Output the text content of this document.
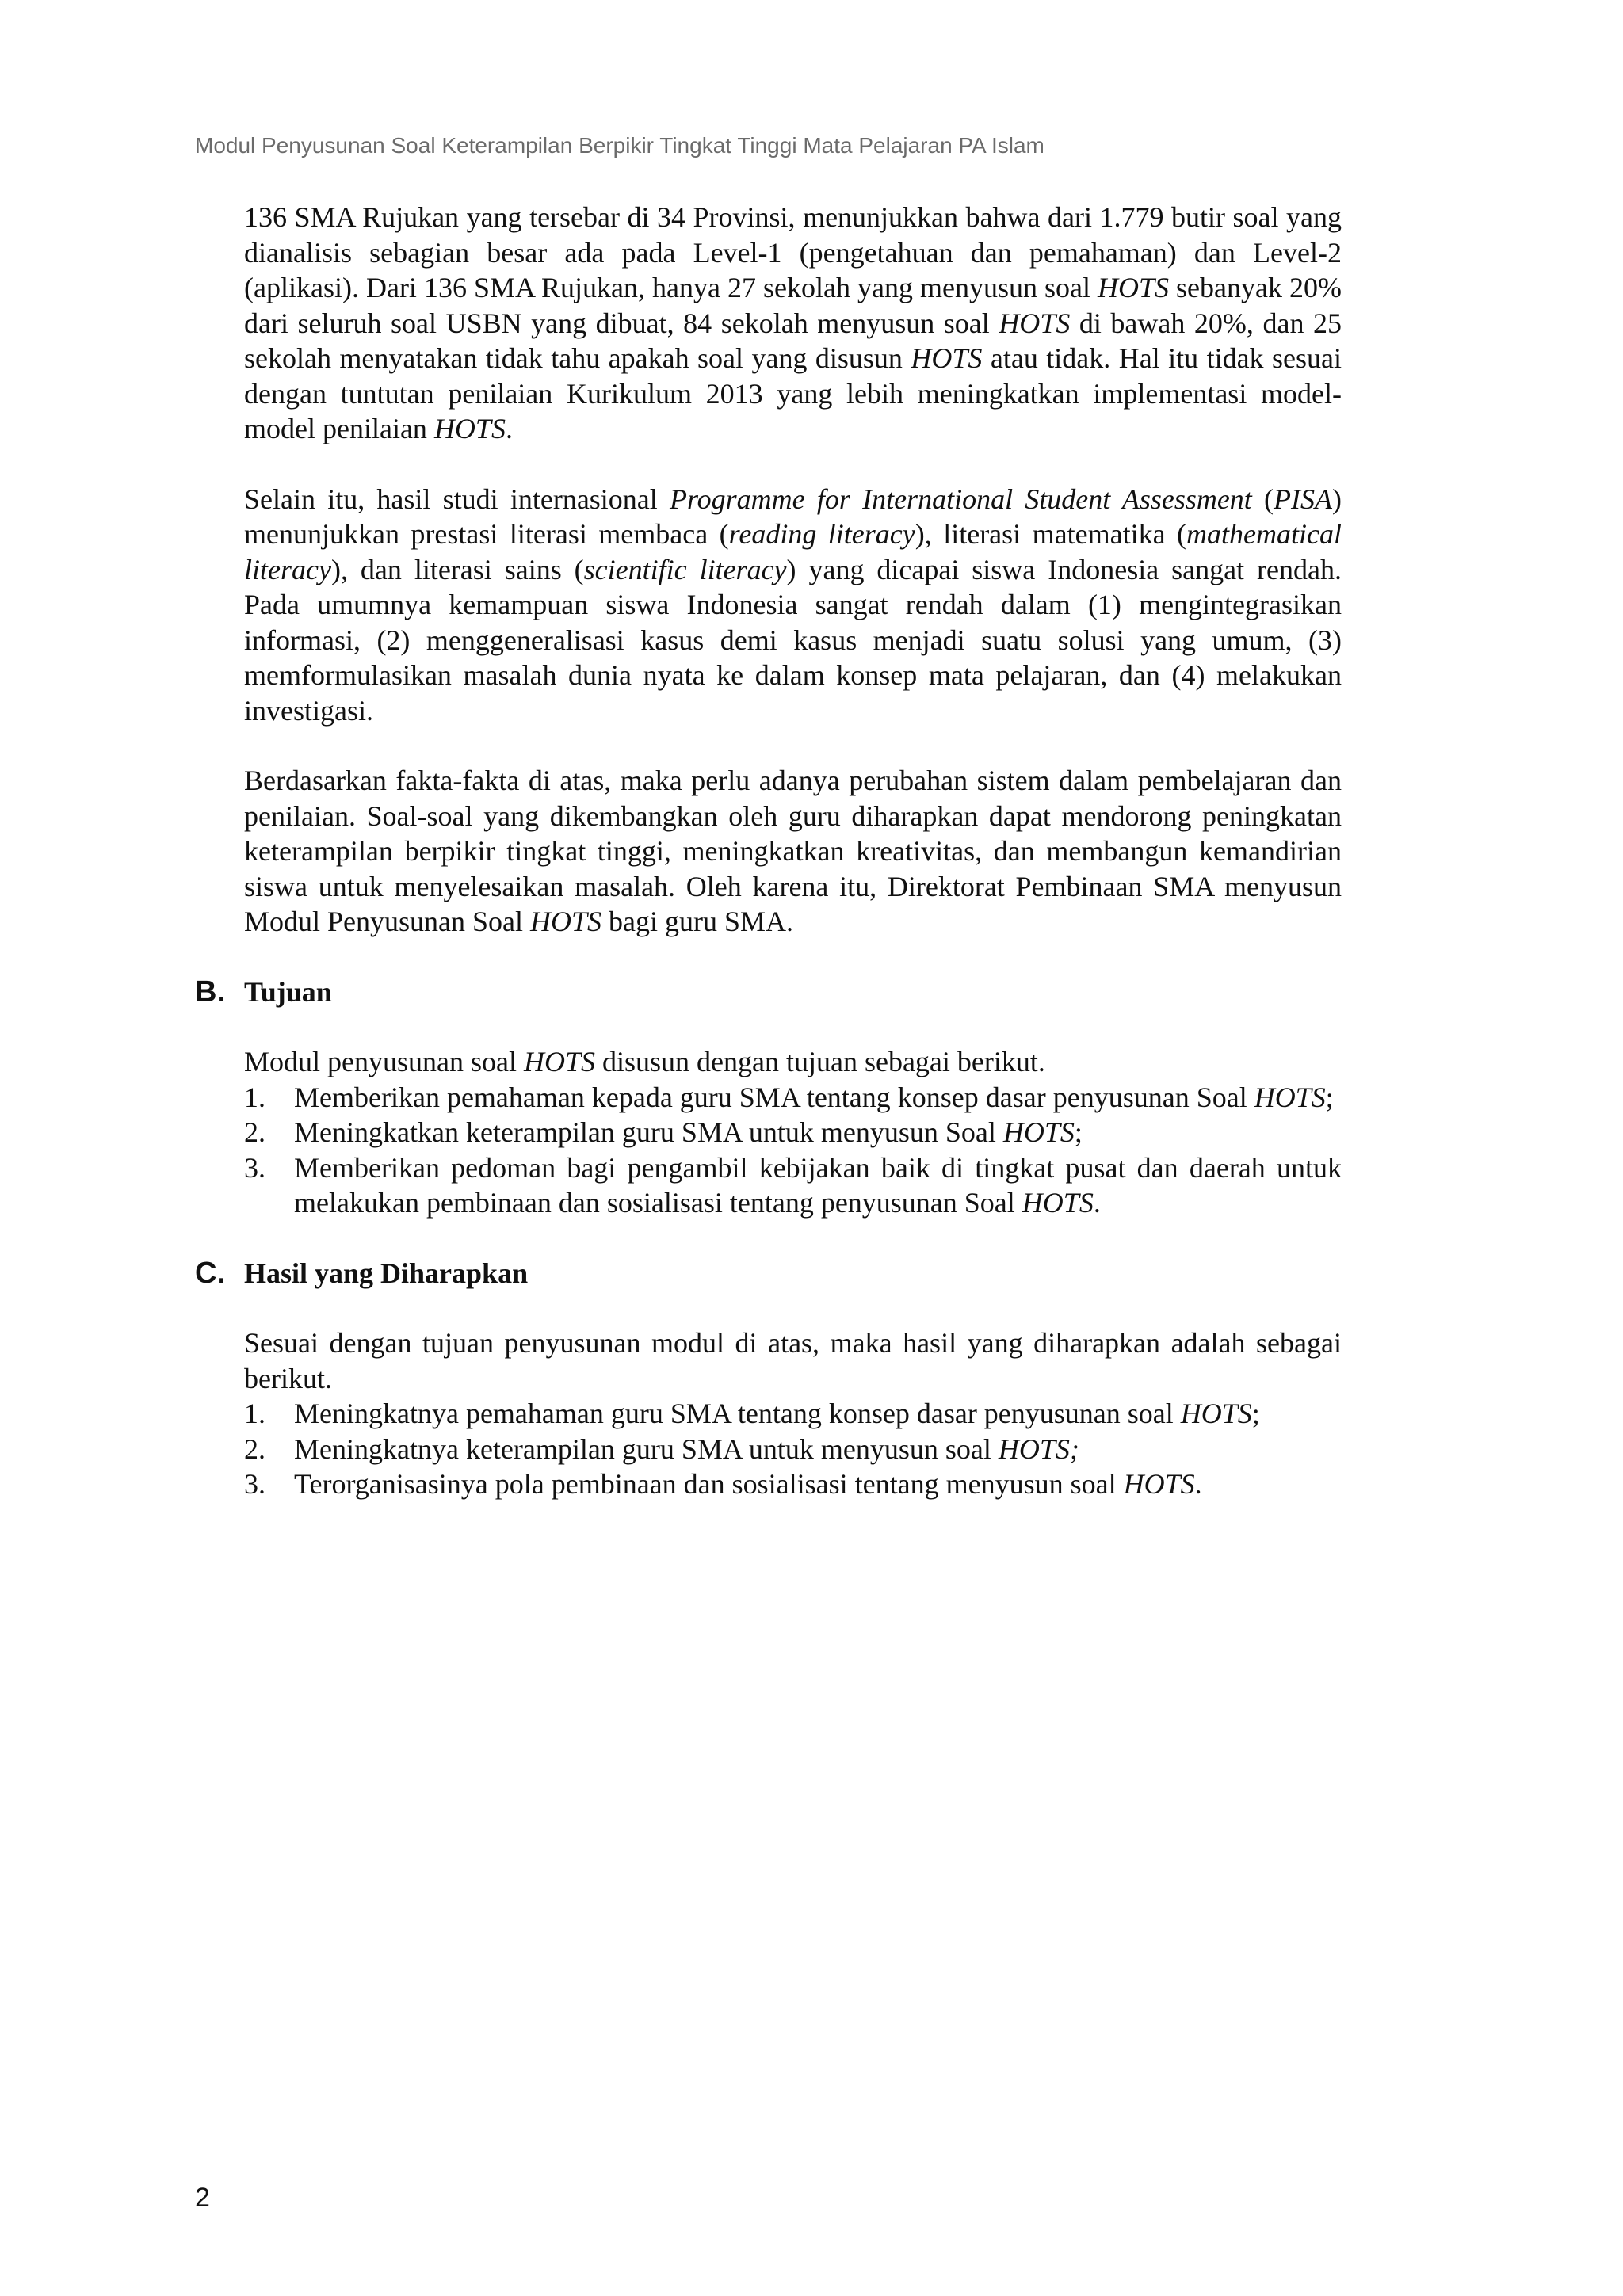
Modul Penyusunan Soal Keterampilan Berpikir Tingkat Tinggi Mata Pelajaran PA Islam

136 SMA Rujukan yang tersebar di 34 Provinsi, menunjukkan bahwa dari 1.779 butir soal yang dianalisis sebagian besar ada pada Level-1 (pengetahuan dan pemahaman) dan Level-2 (aplikasi). Dari 136 SMA Rujukan, hanya 27 sekolah yang menyusun soal HOTS sebanyak 20% dari seluruh soal USBN yang dibuat, 84 sekolah menyusun soal HOTS di bawah 20%, dan 25 sekolah menyatakan tidak tahu apakah soal yang disusun HOTS atau tidak. Hal itu tidak sesuai dengan tuntutan penilaian Kurikulum 2013 yang lebih meningkatkan implementasi model-model penilaian HOTS.

Selain itu, hasil studi internasional Programme for International Student Assessment (PISA) menunjukkan prestasi literasi membaca (reading literacy), literasi matematika (mathematical literacy), dan literasi sains (scientific literacy) yang dicapai siswa Indonesia sangat rendah. Pada umumnya kemampuan siswa Indonesia sangat rendah dalam (1) mengintegrasikan informasi, (2) menggeneralisasi kasus demi kasus menjadi suatu solusi yang umum, (3) memformulasikan masalah dunia nyata ke dalam konsep mata pelajaran, dan (4) melakukan investigasi.

Berdasarkan fakta-fakta di atas, maka perlu adanya perubahan sistem dalam pembelajaran dan penilaian. Soal-soal yang dikembangkan oleh guru diharapkan dapat mendorong peningkatan keterampilan berpikir tingkat tinggi, meningkatkan kreativitas, dan membangun kemandirian siswa untuk menyelesaikan masalah. Oleh karena itu, Direktorat Pembinaan SMA menyusun Modul Penyusunan Soal HOTS bagi guru SMA.

B. Tujuan

Modul penyusunan soal HOTS disusun dengan tujuan sebagai berikut.

1. Memberikan pemahaman kepada guru SMA tentang konsep dasar penyusunan Soal HOTS;
2. Meningkatkan keterampilan guru SMA untuk menyusun Soal HOTS;
3. Memberikan pedoman bagi pengambil kebijakan baik di tingkat pusat dan daerah untuk melakukan pembinaan dan sosialisasi tentang penyusunan Soal HOTS.
C. Hasil yang Diharapkan

Sesuai dengan tujuan penyusunan modul di atas, maka hasil yang diharapkan adalah sebagai berikut.

1. Meningkatnya pemahaman guru SMA tentang konsep dasar penyusunan soal HOTS;
2. Meningkatnya keterampilan guru SMA untuk menyusun soal HOTS;
3. Terorganisasinya pola pembinaan dan sosialisasi tentang menyusun soal HOTS.
2
